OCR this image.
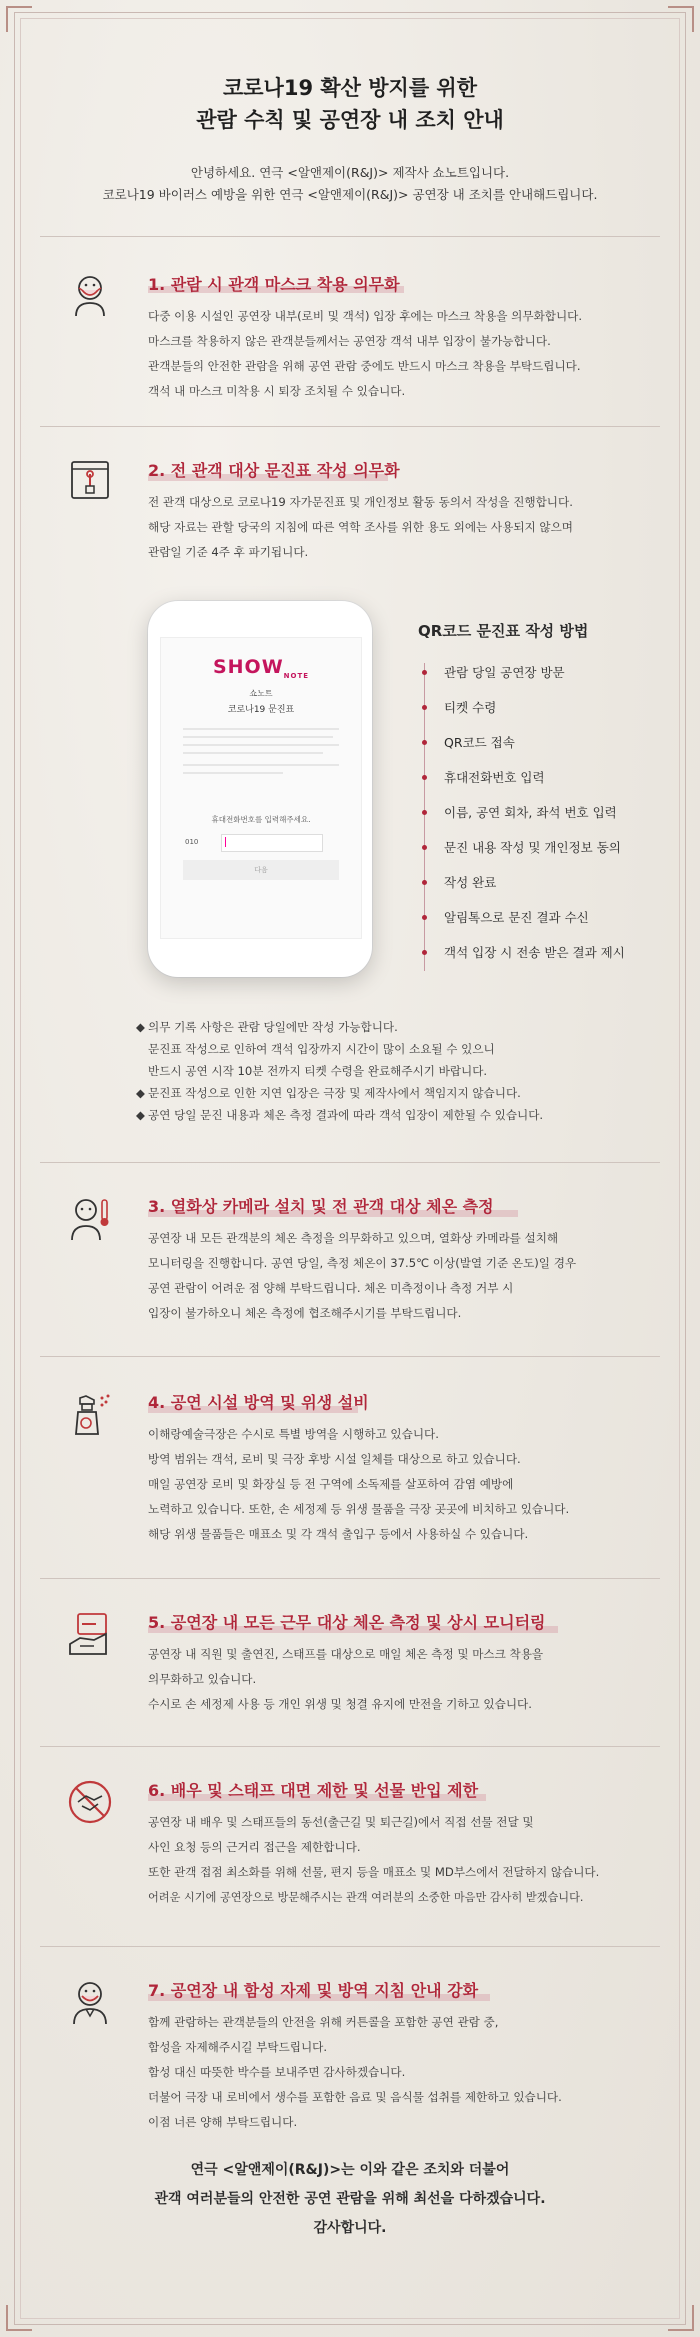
코로나19 확산 방지를 위한
관람 수칙 및 공연장 내 조치 안내
안녕하세요. 연극 <알앤제이(R&J)> 제작사 쇼노트입니다.
코로나19 바이러스 예방을 위한 연극 <알앤제이(R&J)> 공연장 내 조치를 안내해드립니다.
1. 관람 시 관객 마스크 착용 의무화
다중 이용 시설인 공연장 내부(로비 및 객석) 입장 후에는 마스크 착용을 의무화합니다.
마스크를 착용하지 않은 관객분들께서는 공연장 객석 내부 입장이 불가능합니다.
관객분들의 안전한 관람을 위해 공연 관람 중에도 반드시 마스크 착용을 부탁드립니다.
객석 내 마스크 미착용 시 퇴장 조치될 수 있습니다.
2. 전 관객 대상 문진표 작성 의무화
전 관객 대상으로 코로나19 자가문진표 및 개인정보 활동 동의서 작성을 진행합니다.
해당 자료는 관할 당국의 지침에 따른 역학 조사를 위한 용도 외에는 사용되지 않으며
관람일 기준 4주 후 파기됩니다.
$SHOW_{NOTE}$
쇼노트
코로나19 문진표
휴대전화번호를 입력해주세요.
010
다음
QR코드 문진표 작성 방법
관람 당일 공연장 방문
티켓 수령
QR코드 접속
휴대전화번호 입력
이름, 공연 회차, 좌석 번호 입력
문진 내용 작성 및 개인정보 동의
작성 완료
알림톡으로 문진 결과 수신
객석 입장 시 전송 받은 결과 제시
◆ 의무 기록 사항은 관람 당일에만 작성 가능합니다.
문진표 작성으로 인하여 객석 입장까지 시간이 많이 소요될 수 있으니
반드시 공연 시작 10분 전까지 티켓 수령을 완료해주시기 바랍니다.
◆ 문진표 작성으로 인한 지연 입장은 극장 및 제작사에서 책임지지 않습니다.
◆ 공연 당일 문진 내용과 체온 측정 결과에 따라 객석 입장이 제한될 수 있습니다.
3. 열화상 카메라 설치 및 전 관객 대상 체온 측정
공연장 내 모든 관객분의 체온 측정을 의무화하고 있으며, 열화상 카메라를 설치해
모니터링을 진행합니다. 공연 당일, 측정 체온이 37.5℃ 이상(발열 기준 온도)일 경우
공연 관람이 어려운 점 양해 부탁드립니다. 체온 미측정이나 측정 거부 시
입장이 불가하오니 체온 측정에 협조해주시기를 부탁드립니다.
4. 공연 시설 방역 및 위생 설비
이해랑예술극장은 수시로 특별 방역을 시행하고 있습니다.
방역 범위는 객석, 로비 및 극장 후방 시설 일체를 대상으로 하고 있습니다.
매일 공연장 로비 및 화장실 등 전 구역에 소독제를 살포하여 감염 예방에
노력하고 있습니다. 또한, 손 세정제 등 위생 물품을 극장 곳곳에 비치하고 있습니다.
해당 위생 물품들은 매표소 및 각 객석 출입구 등에서 사용하실 수 있습니다.
5. 공연장 내 모든 근무 대상 체온 측정 및 상시 모니터링
공연장 내 직원 및 출연진, 스태프를 대상으로 매일 체온 측정 및 마스크 착용을
의무화하고 있습니다.
수시로 손 세정제 사용 등 개인 위생 및 청결 유지에 만전을 기하고 있습니다.
6. 배우 및 스태프 대면 제한 및 선물 반입 제한
공연장 내 배우 및 스태프들의 동선(출근길 및 퇴근길)에서 직접 선물 전달 및
사인 요청 등의 근거리 접근을 제한합니다.
또한 관객 접점 최소화를 위해 선물, 편지 등을 매표소 및 MD부스에서 전달하지 않습니다.
어려운 시기에 공연장으로 방문해주시는 관객 여러분의 소중한 마음만 감사히 받겠습니다.
7. 공연장 내 함성 자제 및 방역 지침 안내 강화
함께 관람하는 관객분들의 안전을 위해 커튼콜을 포함한 공연 관람 중,
함성을 자제해주시길 부탁드립니다.
함성 대신 따뜻한 박수를 보내주면 감사하겠습니다.
더불어 극장 내 로비에서 생수를 포함한 음료 및 음식물 섭취를 제한하고 있습니다.
이점 너른 양해 부탁드립니다.
연극 <알앤제이(R&J)>는 이와 같은 조치와 더불어
관객 여러분들의 안전한 공연 관람을 위해 최선을 다하겠습니다.
감사합니다.
